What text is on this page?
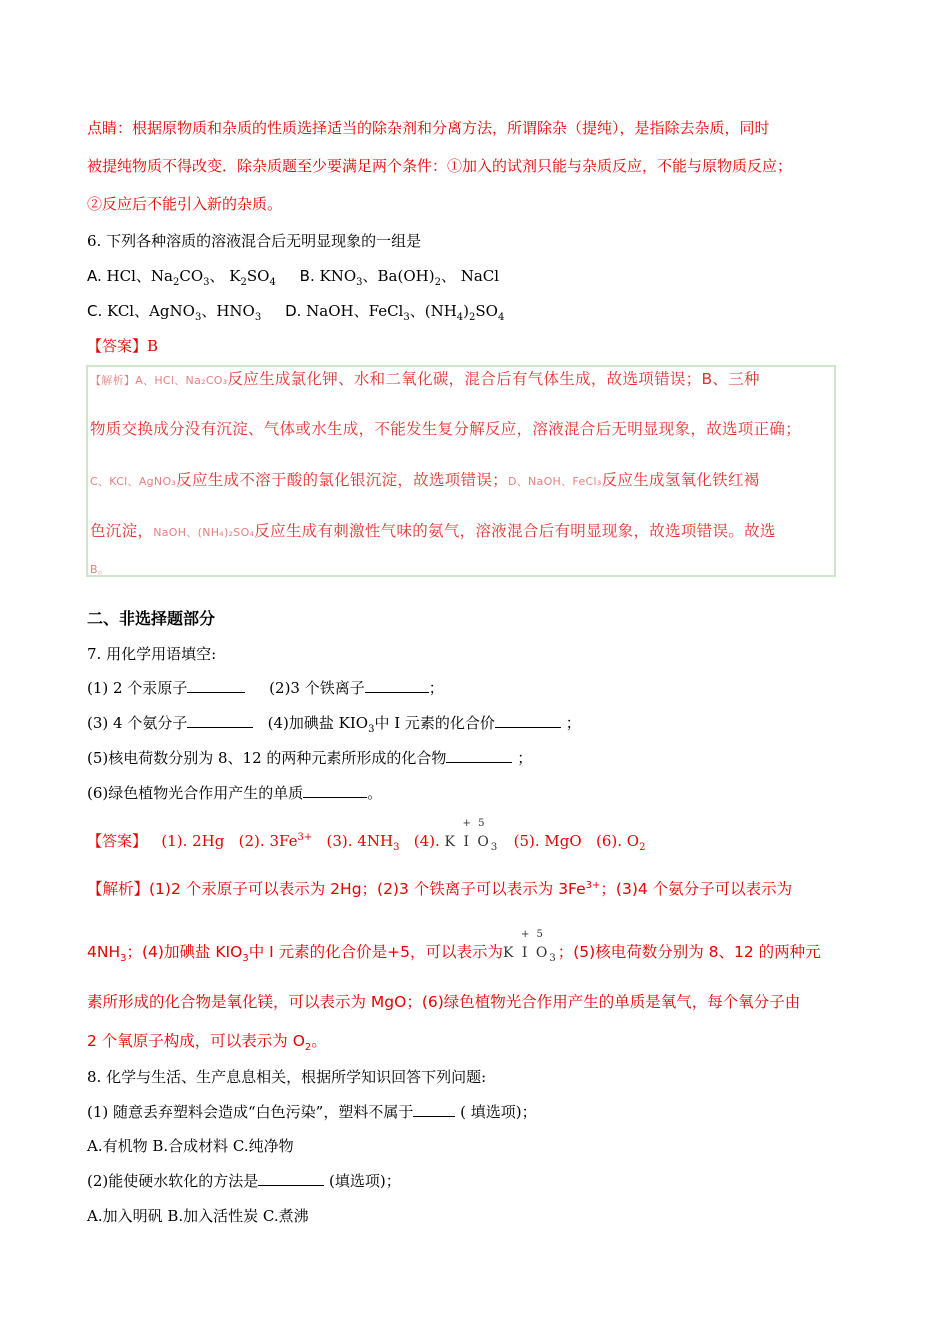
点睛：根据原物质和杂质的性质选择适当的除杂剂和分离方法，所谓除杂（提纯），是指除去杂质，同时
被提纯物质不得改变．除杂质题至少要满足两个条件：①加入的试剂只能与杂质反应，不能与原物质反应；
②反应后不能引入新的杂质。
6. 下列各种溶质的溶液混合后无明显现象的一组是
A. HCl、$Na_2CO_3$、 $K_2SO_4$ B. $KNO_3$、$Ba(OH)_2$、 NaCl
C. KCl、AgNO$_3$、$HNO_3$ D. NaOH、FeCl$_3$、$(NH_4)_2SO_4$
【答案】B
【解析】A、HCl、Na₂CO₃反应生成氯化钾、水和二氧化碳，混合后有气体生成，故选项错误；B、三种
物质交换成分没有沉淀、气体或水生成，不能发生复分解反应，溶液混合后无明显现象，故选项正确；
C、KCl、AgNO₃反应生成不溶于酸的氯化银沉淀，故选项错误；D、NaOH、FeCl₃反应生成氢氧化铁红褐
色沉淀，NaOH、(NH₄)₂SO₄反应生成有刺激性气味的氨气，溶液混合后有明显现象，故选项错误。故选
B。
二、非选择题部分
7. 用化学用语填空:
(1) 2 个汞原子	(2)3 个铁离子	；
(3) 4 个氨分子	(4)加碘盐 $KIO_3$中 I 元素的化合价	；
(5)核电荷数分别为 8、12 的两种元素所形成的化合物	；
(6)绿色植物光合作用产生的单质	。
【答案】 (1). 2Hg (2). $3Fe^{3+}$ (3). $4NH_3$ (4).
+ 5
K I $O_3$ (5). MgO (6). $O_2$
【解析】(1)2 个汞原子可以表示为 2Hg；(2)3 个铁离子可以表示为 $3Fe^{3+}$；(3)4 个氨分子可以表示为
$4NH_3$；(4)加碘盐 $KIO_3$中 I 元素的化合价是+5，可以表示为
+ 5
K I $O_3$；(5)核电荷数分别为 8、12 的两种元
素所形成的化合物是氧化镁，可以表示为 MgO；(6)绿色植物光合作用产生的单质是氧气，每个氧分子由
2 个氧原子构成，可以表示为 $O_2$。
8. 化学与生活、生产息息相关，根据所学知识回答下列问题:
(1) 随意丢弃塑料会造成“白色污染”，塑料不属于	( 填选项)；
A.有机物 B.合成材料 C.纯净物
(2)能使硬水软化的方法是	(填选项)；
A.加入明矾 B.加入活性炭 C.煮沸
